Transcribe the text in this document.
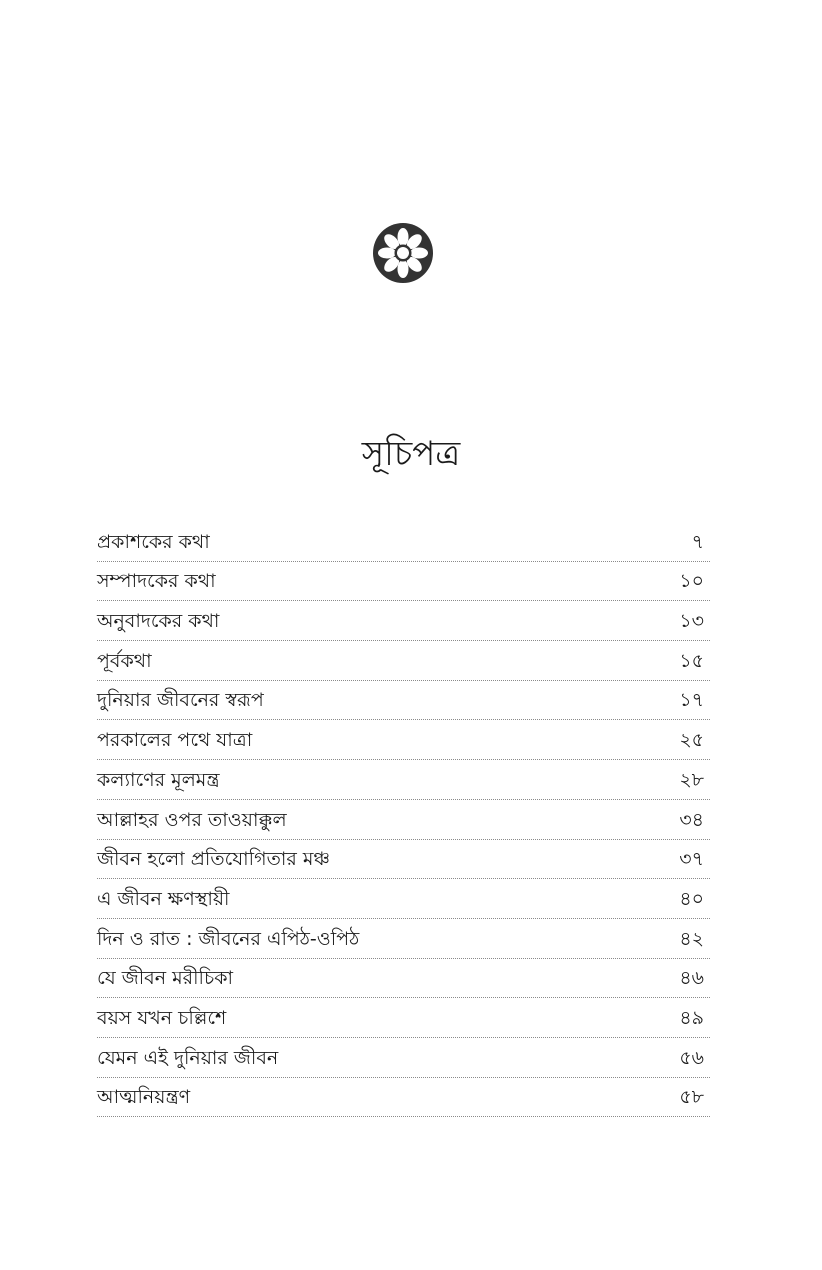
সূচিপত্র
প্রকাশকের কথা	৭
সম্পাদকের কথা	১০
অনুবাদকের কথা	১৩
পূর্বকথা	১৫
দুনিয়ার জীবনের স্বরূপ	১৭
পরকালের পথে যাত্রা	২৫
কল্যাণের মূলমন্ত্র	২৮
আল্লাহর ওপর তাওয়াক্কুল	৩৪
জীবন হলো প্রতিযোগিতার মঞ্চ	৩৭
এ জীবন ক্ষণস্থায়ী	৪০
দিন ও রাত : জীবনের এপিঠ-ওপিঠ	৪২
যে জীবন মরীচিকা	৪৬
বয়স যখন চল্লিশে	৪৯
যেমন এই দুনিয়ার জীবন	৫৬
আত্মনিয়ন্ত্রণ	৫৮
